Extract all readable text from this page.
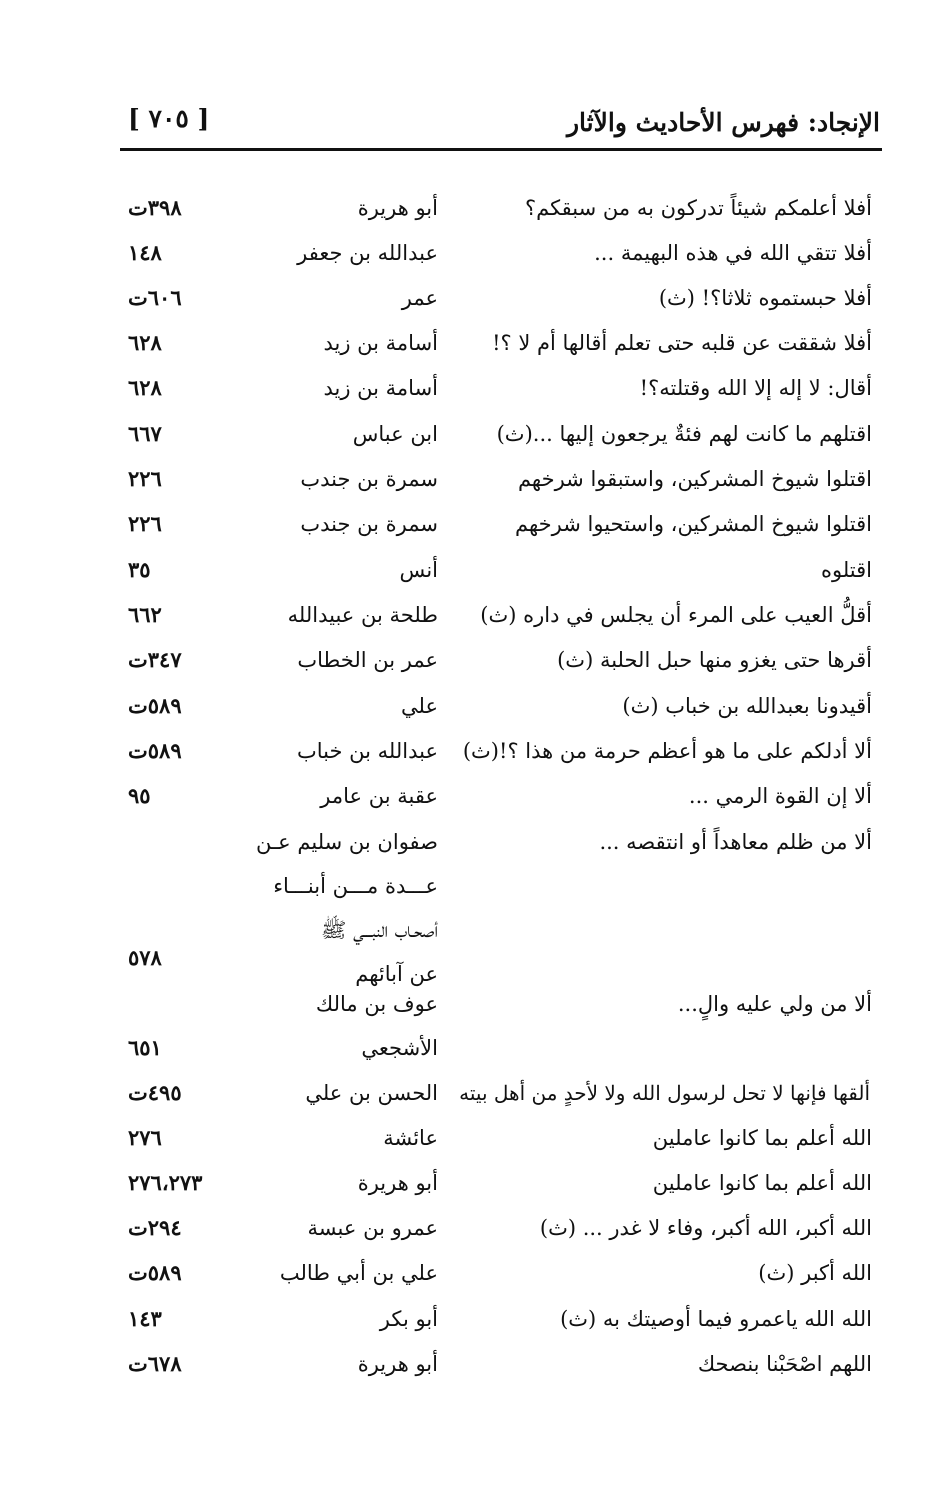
الإنجاد: فهرس الأحاديث والآثار
[ ٧٠٥ ]
أفلا أعلمكم شيئاً تدركون به من سبقكم؟
أبو هريرة
٣٩٨ت
أفلا تتقي الله في هذه البهيمة ...
عبدالله بن جعفر
١٤٨
أفلا حبستموه ثلاثا؟! (ث)
عمر
٦٠٦ت
أفلا شققت عن قلبه حتى تعلم أقالها أم لا ؟!
أسامة بن زيد
٦٢٨
أقال: لا إله إلا الله وقتلته؟!
أسامة بن زيد
٦٢٨
اقتلهم ما كانت لهم فئةٌ يرجعون إليها ...(ث)
ابن عباس
٦٦٧
اقتلوا شيوخ المشركين، واستبقوا شرخهم
سمرة بن جندب
٢٢٦
اقتلوا شيوخ المشركين، واستحيوا شرخهم
سمرة بن جندب
٢٢٦
اقتلوه
أنس
٣٥
أقلُّ العيب على المرء أن يجلس في داره (ث)
طلحة بن عبيدالله
٦٦٢
أقرها حتى يغزو منها حبل الحلبة (ث)
عمر بن الخطاب
٣٤٧ت
أقيدونا بعبدالله بن خباب (ث)
علي
٥٨٩ت
ألا أدلكم على ما هو أعظم حرمة من هذا ؟!(ث)
عبدالله بن خباب
٥٨٩ت
ألا إن القوة الرمي ...
عقبة بن عامر
٩٥
ألا من ظلم معاهداً أو انتقصه ...
صفوان بن سليم عـن
عـــدة مـــن أبنـــاء
أصحـاب النبـــي ﷺ
عن آبائهم
٥٧٨
ألا من ولي عليه والٍ...
عوف بن مالك
الأشجعي
٦٥١
ألقها فإنها لا تحل لرسول الله ولا لأحدٍ من أهل بيته
الحسن بن علي
٤٩٥ت
الله أعلم بما كانوا عاملين
عائشة
٢٧٦
الله أعلم بما كانوا عاملين
أبو هريرة
٢٧٦،٢٧٣
الله أكبر، الله أكبر، وفاء لا غدر ... (ث)
عمرو بن عبسة
٢٩٤ت
الله أكبر (ث)
علي بن أبي طالب
٥٨٩ت
الله الله ياعمرو فيما أوصيتك به (ث)
أبو بكر
١٤٣
اللهم اصْحَبْنا بنصحك
أبو هريرة
٦٧٨ت
